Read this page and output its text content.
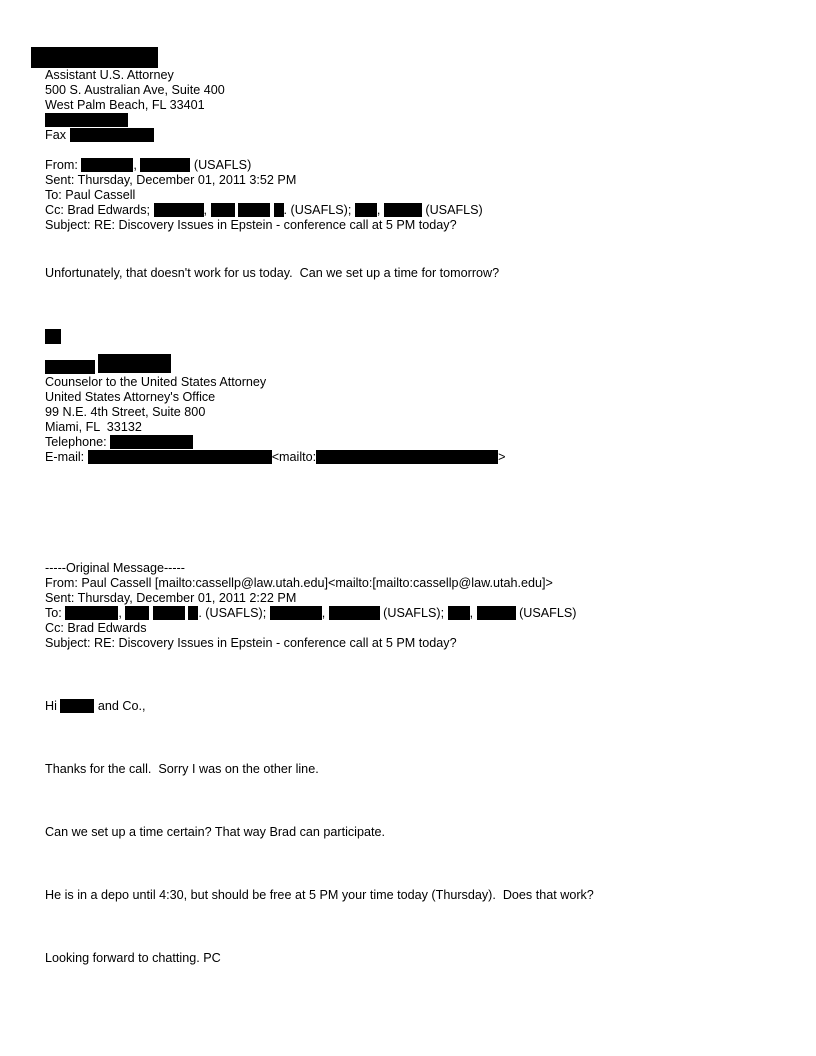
Assistant U.S. Attorney
500 S. Australian Ave, Suite 400
West Palm Beach, FL 33401
Fax
From:	,	(USAFLS)
Sent: Thursday, December 01, 2011 3:52 PM
To: Paul Cassell
Cc: Brad Edwards;	,	. (USAFLS); ,	(USAFLS)
Subject: RE: Discovery Issues in Epstein - conference call at 5 PM today?
Unfortunately, that doesn't work for us today.  Can we set up a time for tomorrow?
Counselor to the United States Attorney
United States Attorney's Office
99 N.E. 4th Street, Suite 800
Miami, FL  33132
Telephone:
E-mail:	<mailto:	>
-----Original Message-----
From: Paul Cassell [mailto:cassellp@law.utah.edu]<mailto:[mailto:cassellp@law.utah.edu]>
Sent: Thursday, December 01, 2011 2:22 PM
To:	,	. (USAFLS);	,	(USAFLS); ,	(USAFLS)
Cc: Brad Edwards
Subject: RE: Discovery Issues in Epstein - conference call at 5 PM today?
Hi	and Co.,
Thanks for the call.  Sorry I was on the other line.
Can we set up a time certain? That way Brad can participate.
He is in a depo until 4:30, but should be free at 5 PM your time today (Thursday).  Does that work?
Looking forward to chatting. PC
